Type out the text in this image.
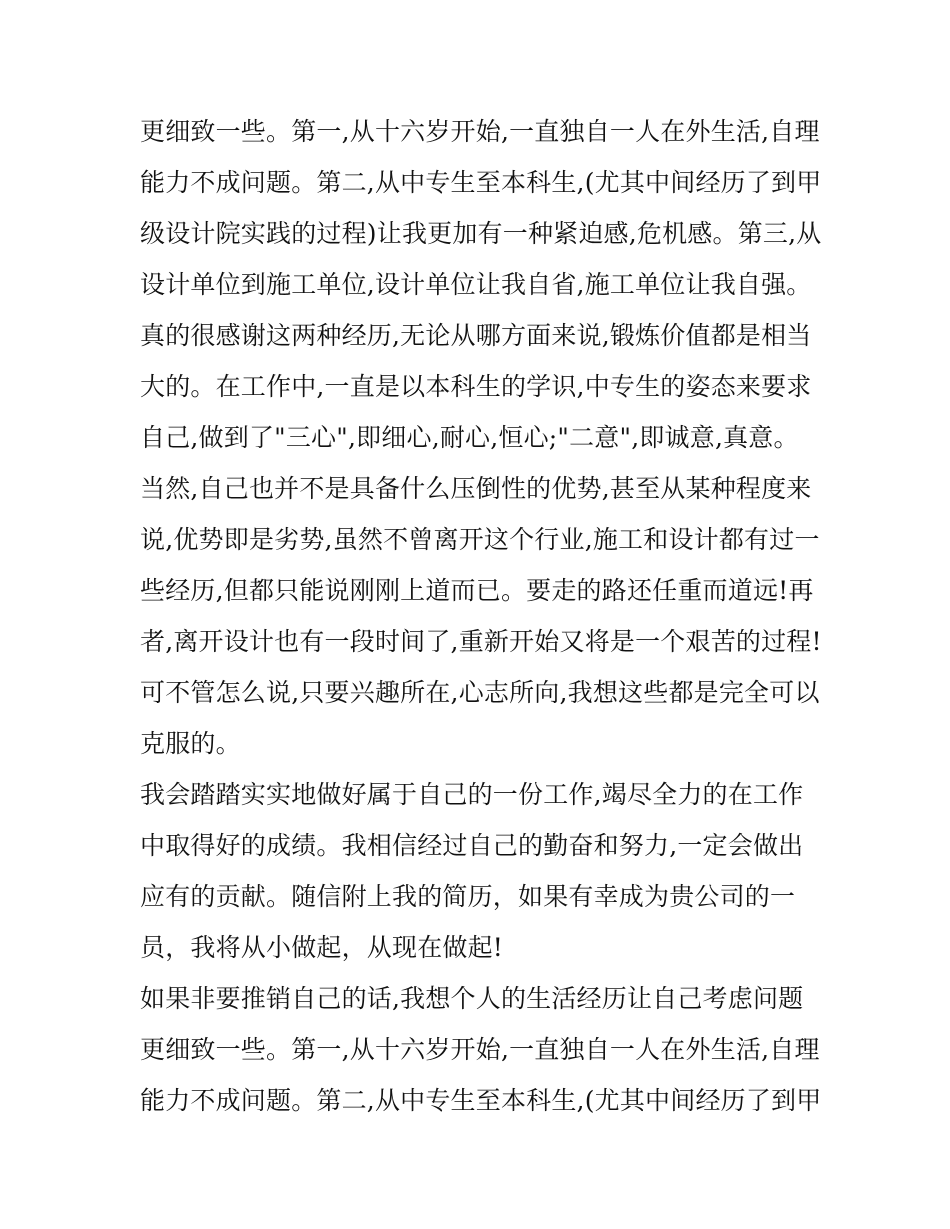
更细致一些。第一,从十六岁开始,一直独自一人在外生活,自理
能力不成问题。第二,从中专生至本科生,(尤其中间经历了到甲
级设计院实践的过程)让我更加有一种紧迫感,危机感。第三,从
设计单位到施工单位,设计单位让我自省,施工单位让我自强。
真的很感谢这两种经历,无论从哪方面来说,锻炼价值都是相当
大的。在工作中,一直是以本科生的学识,中专生的姿态来要求
自己,做到了"三心",即细心,耐心,恒心;"二意",即诚意,真意。
当然,自己也并不是具备什么压倒性的优势,甚至从某种程度来
说,优势即是劣势,虽然不曾离开这个行业,施工和设计都有过一
些经历,但都只能说刚刚上道而已。要走的路还任重而道远!再
者,离开设计也有一段时间了,重新开始又将是一个艰苦的过程!
可不管怎么说,只要兴趣所在,心志所向,我想这些都是完全可以
克服的。
我会踏踏实实地做好属于自己的一份工作,竭尽全力的在工作
中取得好的成绩。我相信经过自己的勤奋和努力,一定会做出
应有的贡献。随信附上我的简历，如果有幸成为贵公司的一
员，我将从小做起，从现在做起!
如果非要推销自己的话,我想个人的生活经历让自己考虑问题
更细致一些。第一,从十六岁开始,一直独自一人在外生活,自理
能力不成问题。第二,从中专生至本科生,(尤其中间经历了到甲
